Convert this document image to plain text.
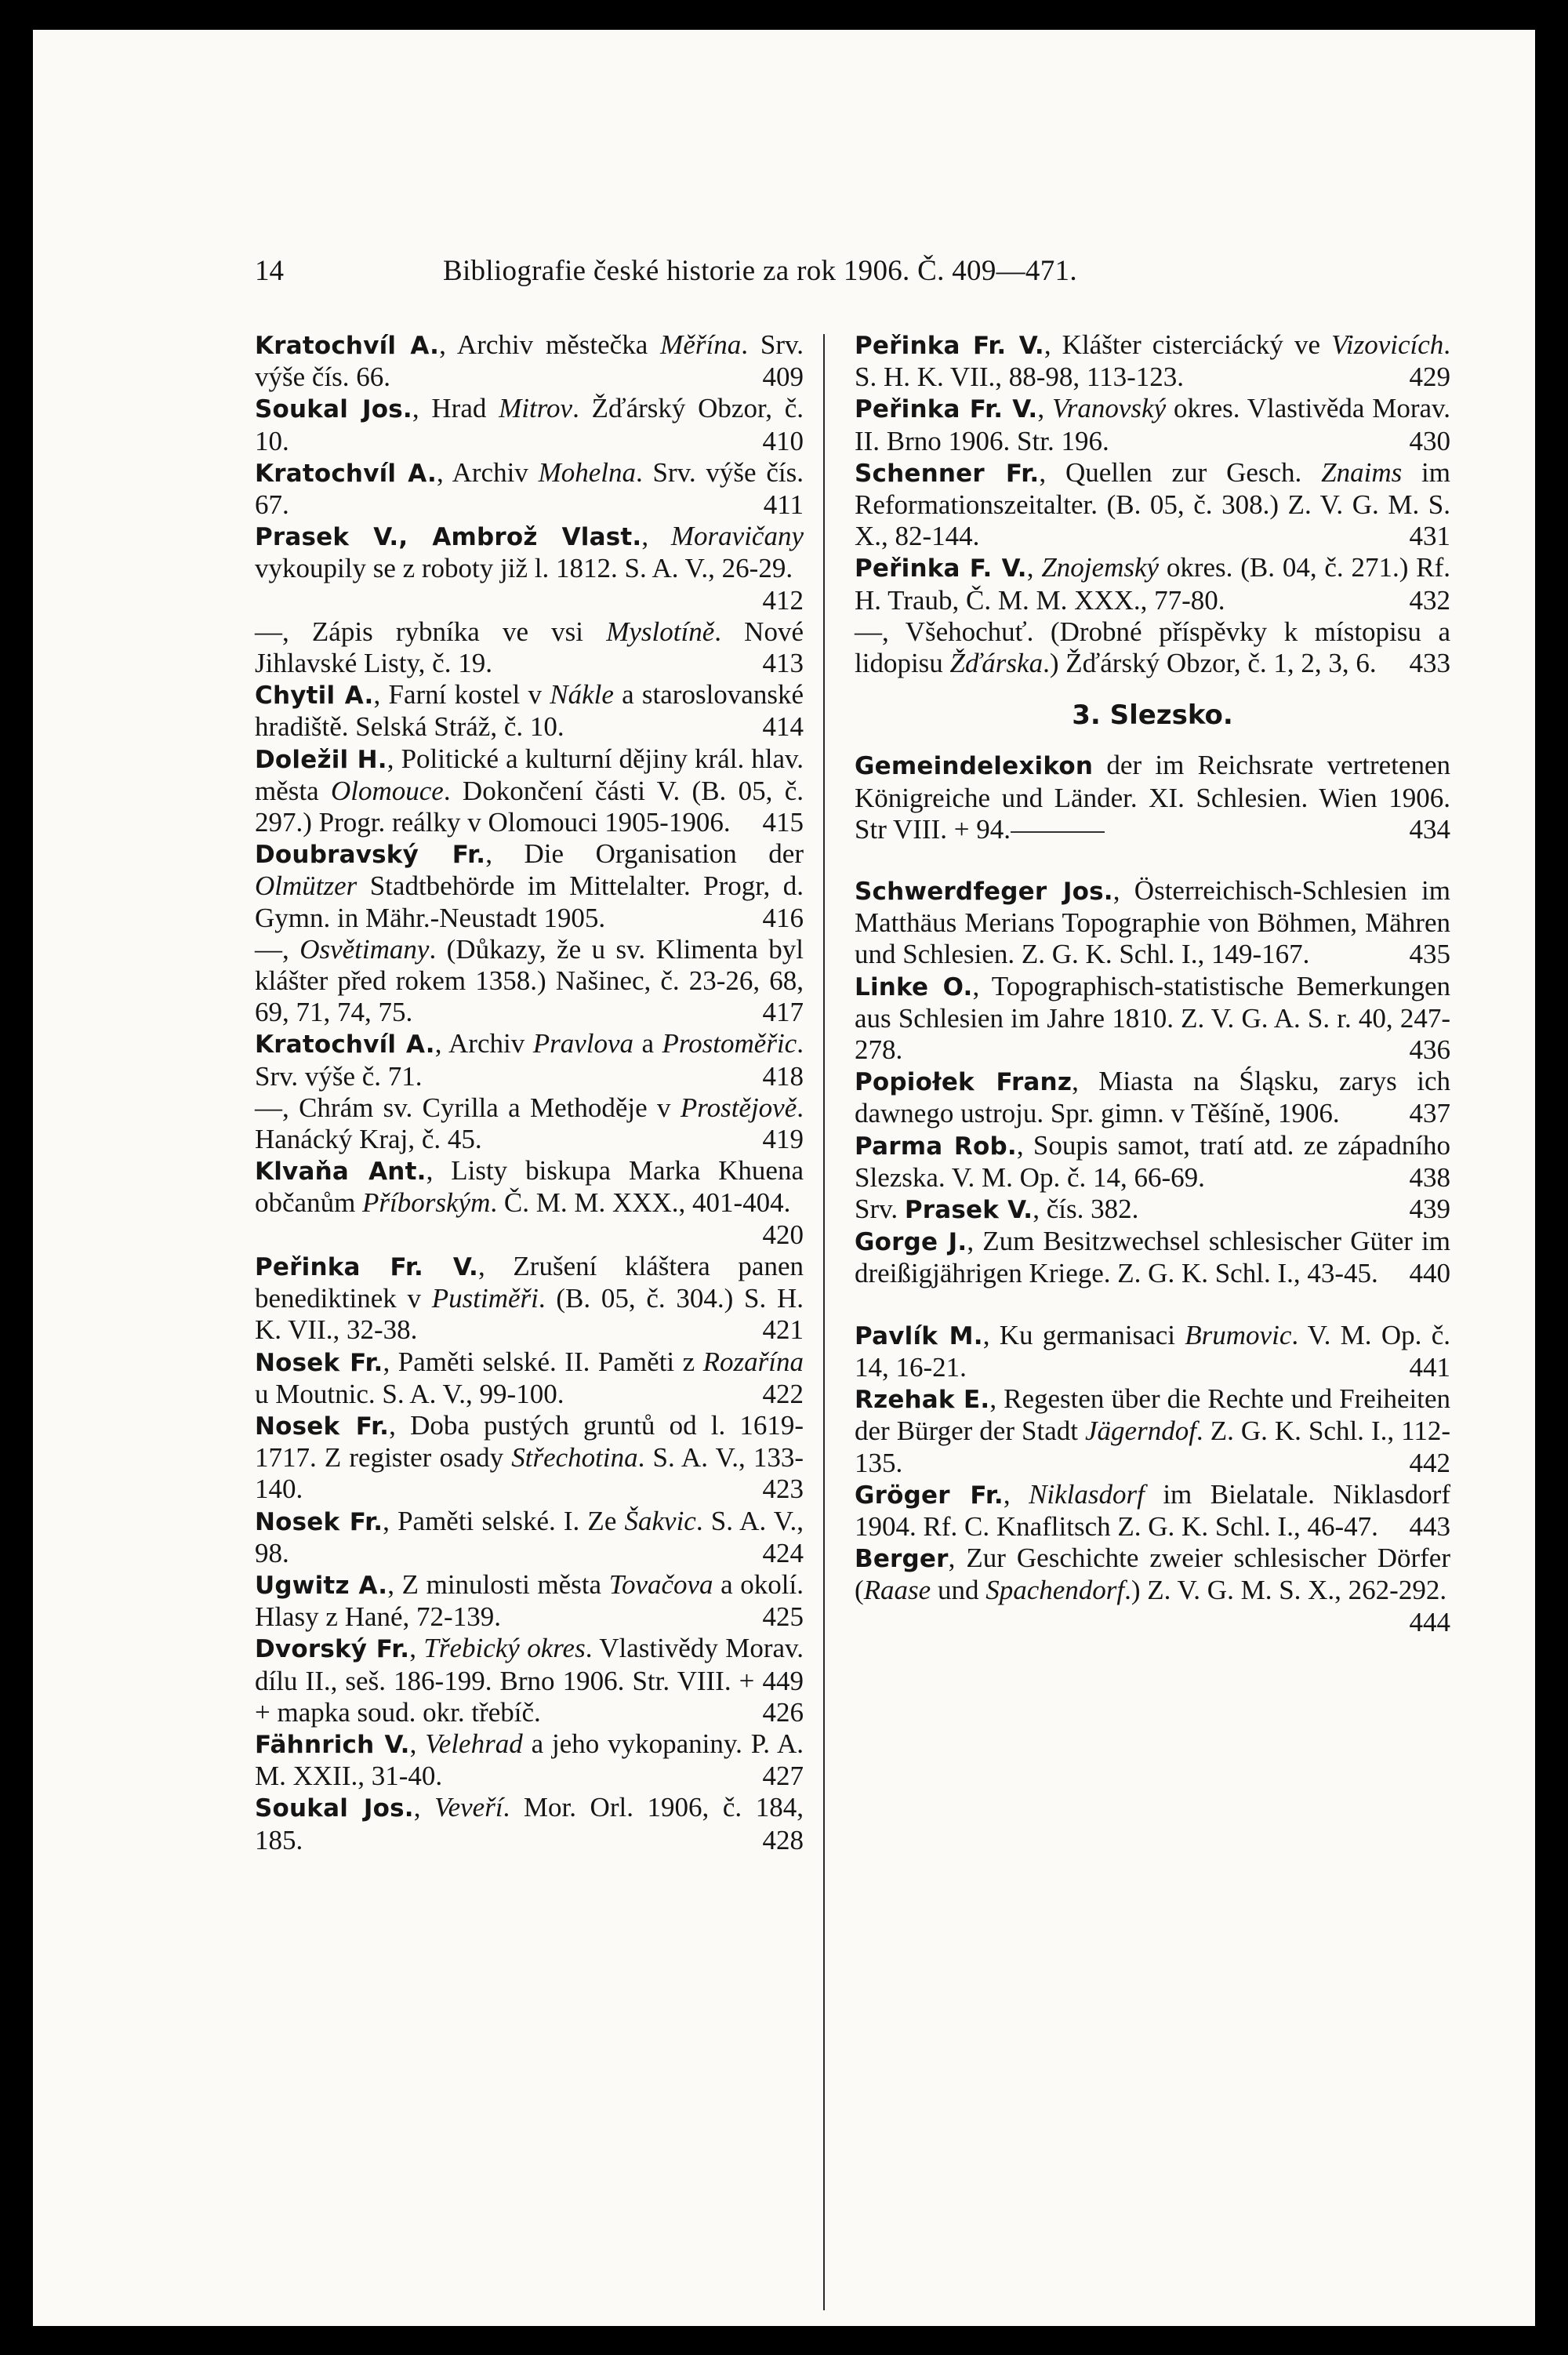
14	Bibliografie české historie za rok 1906. Č. 409—471.

Kratochvíl A., Archiv městečka Měřína. Srv. výše čís. 66.	409

Soukal Jos., Hrad Mitrov. Žďárský Obzor, č. 10.	410

Kratochvíl A., Archiv Mohelna. Srv. výše čís. 67.	411

Prasek V., Ambrož Vlast., Moravičany vykoupily se z roboty již l. 1812. S. A. V., 26-29.
412

—, Zápis rybníka ve vsi Myslotíně. Nové Jihlavské Listy, č. 19.	413

Chytil A., Farní kostel v Nákle a staroslovanské hradiště. Selská Stráž, č. 10.	414

Doležil H., Politické a kulturní dějiny král. hlav. města Olomouce. Dokončení části V. (B. 05, č. 297.) Progr. reálky v Olomouci 1905-1906. 415

Doubravský Fr., Die Organisation der Olmützer Stadtbehörde im Mittelalter. Progr, d. Gymn. in Mähr.-Neustadt 1905.	416

—, Osvětimany. (Důkazy, že u sv. Klimenta byl klášter před rokem 1358.) Našinec, č. 23-26, 68, 69, 71, 74, 75.	417

Kratochvíl A., Archiv Pravlova a Prostoměřic. Srv. výše č. 71.	418

—, Chrám sv. Cyrilla a Methoděje v Prostějově. Hanácký Kraj, č. 45.	419

Klvaňa Ant., Listy biskupa Marka Khuena občanům Příborským. Č. M. M. XXX., 401-404.
420

Peřinka Fr. V., Zrušení kláštera panen benediktinek v Pustiměři. (B. 05, č. 304.) S. H. K. VII., 32-38.	421

Nosek Fr., Paměti selské. II. Paměti z Rozařína u Moutnic. S. A. V., 99-100.	422

Nosek Fr., Doba pustých gruntů od l. 1619-1717. Z register osady Střechotina. S. A. V., 133-140.	423

Nosek Fr., Paměti selské. I. Ze Šakvic. S. A. V., 98.	424

Ugwitz A., Z minulosti města Tovačova a okolí. Hlasy z Hané, 72-139.	425

Dvorský Fr., Třebický okres. Vlastivědy Morav. dílu II., seš. 186-199. Brno 1906. Str. VIII. + 449 + mapka soud. okr. třebíč.	426

Fähnrich V., Velehrad a jeho vykopaniny. P. A. M. XXII., 31-40.	427

Soukal Jos., Veveří. Mor. Orl. 1906, č. 184, 185.	428

Peřinka Fr. V., Klášter cisterciácký ve Vizovicích. S. H. K. VII., 88-98, 113-123.	429

Peřinka Fr. V., Vranovský okres. Vlastivěda Morav. II. Brno 1906. Str. 196.	430

Schenner Fr., Quellen zur Gesch. Znaims im Reformationszeitalter. (B. 05, č. 308.) Z. V. G. M. S. X., 82-144.	431

Peřinka F. V., Znojemský okres. (B. 04, č. 271.) Rf. H. Traub, Č. M. M. XXX., 77-80.	432

—, Všehochuť. (Drobné příspěvky k místopisu a lidopisu Žďárska.) Žďárský Obzor, č. 1, 2, 3, 6. 433

3. Slezsko.

Gemeindelexikon der im Reichsrate vertretenen Königreiche und Länder. XI. Schlesien. Wien 1906. Str VIII. + 94.	434

Schwerdfeger Jos., Österreichisch-Schlesien im Matthäus Merians Topographie von Böhmen, Mähren und Schlesien. Z. G. K. Schl. I., 149-167.	435

Linke O., Topographisch-statistische Bemerkungen aus Schlesien im Jahre 1810. Z. V. G. A. S. r. 40, 247-278.	436

Popiołek Franz, Miasta na Śląsku, zarys ich dawnego ustroju. Spr. gimn. v Těšíně, 1906.	437

Parma Rob., Soupis samot, tratí atd. ze západního Slezska. V. M. Op. č. 14, 66-69.	438

Srv. Prasek V., čís. 382.	439

Gorge J., Zum Besitzwechsel schlesischer Güter im dreißigjährigen Kriege. Z. G. K. Schl. I., 43-45. 440

Pavlík M., Ku germanisaci Brumovic. V. M. Op. č. 14, 16-21.	441

Rzehak E., Regesten über die Rechte und Freiheiten der Bürger der Stadt Jägerndof. Z. G. K. Schl. I., 112-135.	442

Gröger Fr., Niklasdorf im Bielatale. Niklasdorf 1904. Rf. C. Knaflitsch Z. G. K. Schl. I., 46-47. 443

Berger, Zur Geschichte zweier schlesischer Dörfer (Raase und Spachendorf.) Z. V. G. M. S. X., 262-292.
444
